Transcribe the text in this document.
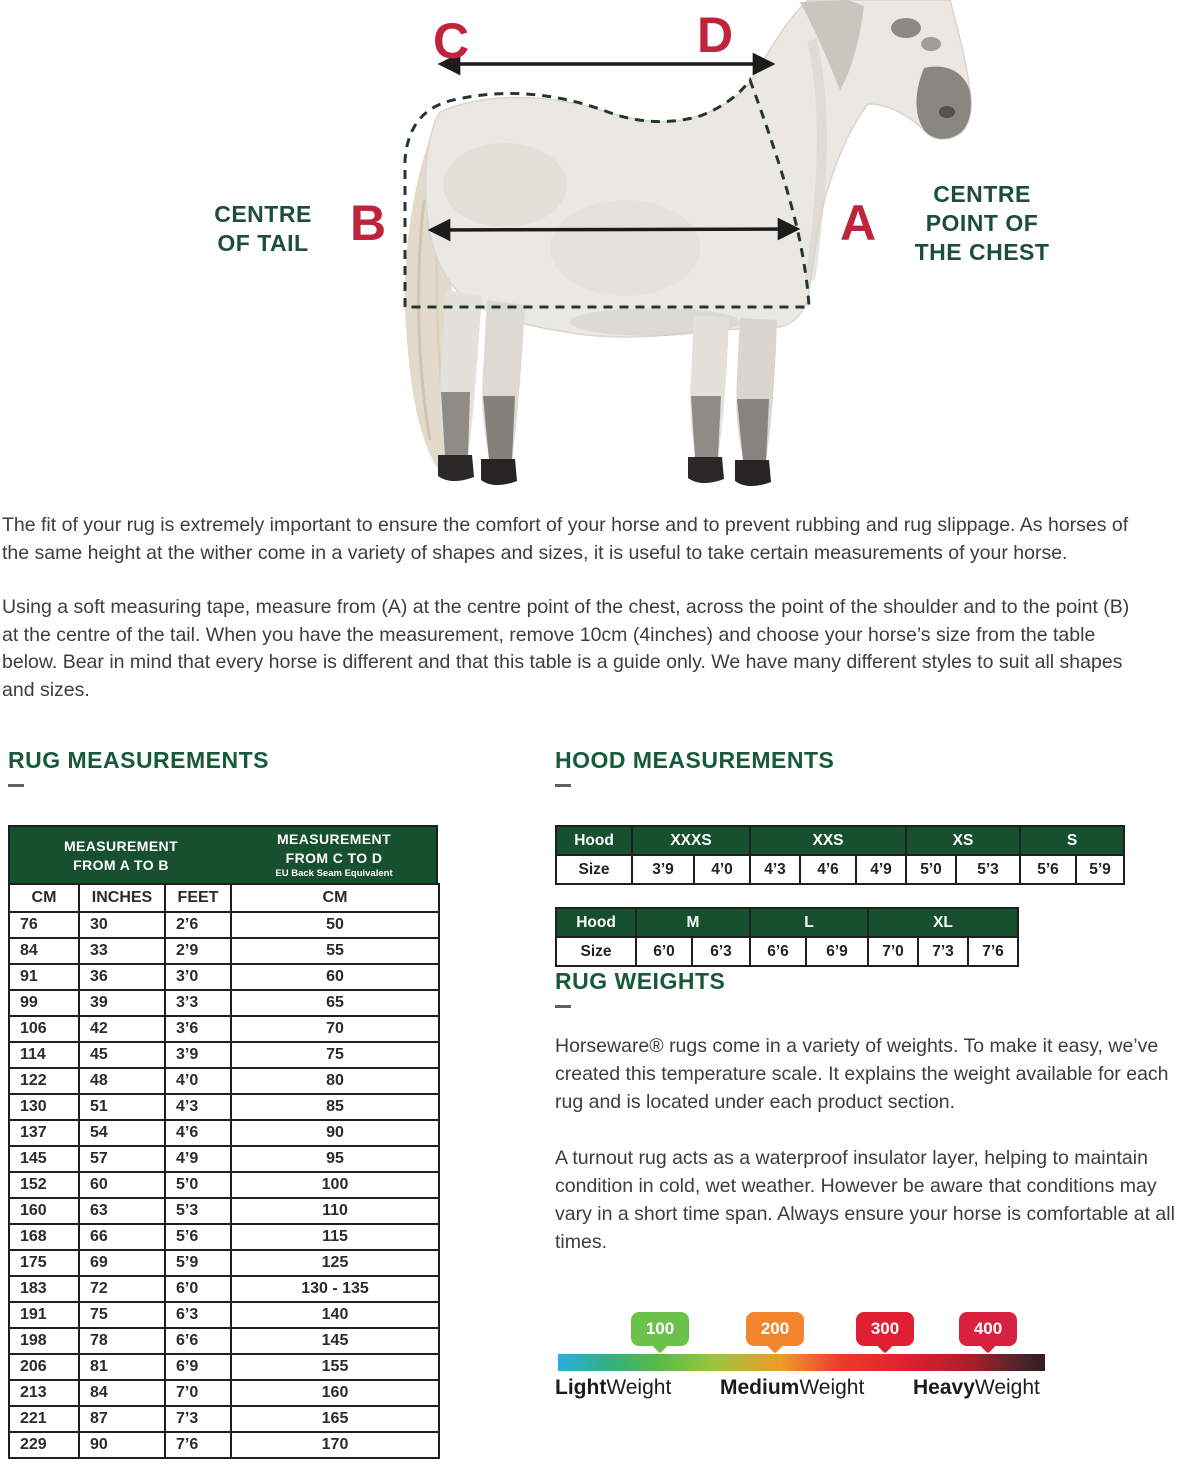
C	D
B	A
CENTRE
OF TAIL
CENTRE
POINT OF
THE CHEST

The fit of your rug is extremely important to ensure the comfort of your horse and to prevent rubbing and rug slippage. As horses of the same height at the wither come in a variety of shapes and sizes, it is useful to take certain measurements of your horse.

Using a soft measuring tape, measure from (A) at the centre point of the chest, across the point of the shoulder and to the point (B) at the centre of the tail. When you have the measurement, remove 10cm (4inches) and choose your horse’s size from the table below. Bear in mind that every horse is different and that this table is a guide only. We have many different styles to suit all shapes and sizes.

RUG MEASUREMENTS
MEASUREMENT
FROM A TO B
MEASUREMENT
FROM C TO D
EU Back Seam Equivalent
CM	INCHES	FEET	CM
76	30	2’6	50
84	33	2’9	55
91	36	3’0	60
99	39	3’3	65
106	42	3’6	70
114	45	3’9	75
122	48	4’0	80
130	51	4’3	85
137	54	4’6	90
145	57	4’9	95
152	60	5’0	100
160	63	5’3	110
168	66	5’6	115
175	69	5’9	125
183	72	6’0	130 - 135
191	75	6’3	140
198	78	6’6	145
206	81	6’9	155
213	84	7’0	160
221	87	7’3	165
229	90	7’6	170
HOOD MEASUREMENTS
Hood	XXXS		XXS			XS		S	
Size	3’9	4’0	4’3	4’6	4’9	5’0	5’3	5’6	5’9
Hood	M		L		XL		
Size	6’0	6’3	6’6	6’9	7’0	7’3	7’6
RUG WEIGHTS

Horseware® rugs come in a variety of weights. To make it easy, we’ve created this temperature scale. It explains the weight available for each rug and is located under each product section.

A turnout rug acts as a waterproof insulator layer, helping to maintain condition in cold, wet weather. However be aware that conditions may vary in a short time span. Always ensure your horse is comfortable at all times.

100	200	300	400
LightWeight MediumWeight HeavyWeight
